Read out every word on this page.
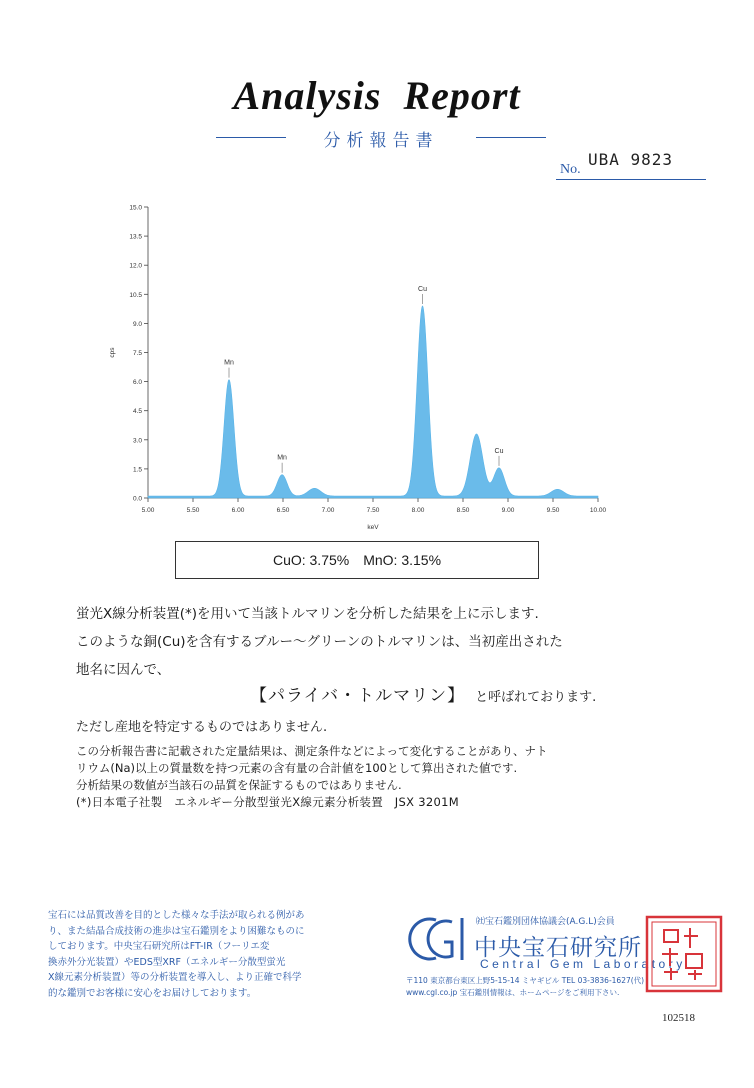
Analysis Report
分析報告書
No.
UBA 9823
0.0
1.5
3.0
4.5
6.0
7.5
9.0
10.5
12.0
13.5
15.0
5.00	5.50	6.00	6.50	7.00	7.50	8.00	8.50	9.00	9.50	10.00
keV
cps
Mn
Mn
Cu
Cu
CuO: 3.75% MnO: 3.15%
蛍光X線分析装置(*)を用いて当該トルマリンを分析した結果を上に示します.
このような銅(Cu)を含有するブルー～グリーンのトルマリンは、当初産出された
地名に因んで、
【パライバ・トルマリン】 と呼ばれております.
ただし産地を特定するものではありません.
この分析報告書に記載された定量結果は、測定条件などによって変化することがあり、ナト
リウム(Na)以上の質量数を持つ元素の含有量の合計値を100として算出された値です.
分析結果の数値が当該石の品質を保証するものではありません.
(*)日本電子社製　エネルギー分散型蛍光X線元素分析装置　JSX 3201M
宝石には品質改善を目的とした様々な手法が取られる例があ
り、また結晶合成技術の進歩は宝石鑑別をより困難なものに
しております。中央宝石研究所はFT-IR（フーリエ変
換赤外分光装置）やEDS型XRF（エネルギー分散型蛍光
X線元素分析装置）等の分析装置を導入し、より正確で科学
的な鑑別でお客様に安心をお届けしております。
㈳宝石鑑別団体協議会(A.G.L)会員
中央宝石研究所
Central Gem Laboratory
〒110 東京都台東区上野5-15-14 ミヤギビル TEL 03-3836-1627(代)
www.cgl.co.jp 宝石鑑別情報は、ホームページをご利用下さい.
102518
